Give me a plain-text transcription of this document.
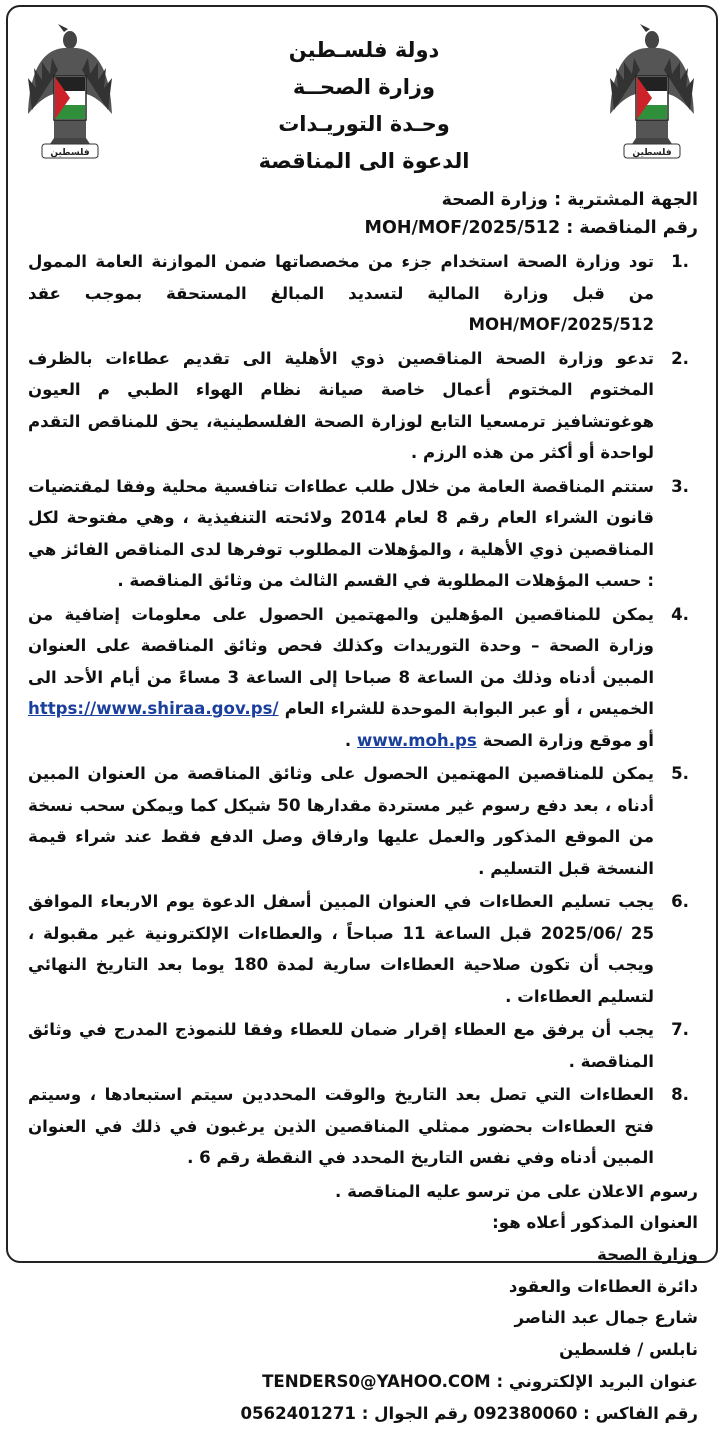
فلسطين
فلسطين
دولة فلسـطين
وزارة الصحــة
وحـدة التوريـدات
الدعوة الى المناقصة
الجهة المشترية : وزارة الصحة
رقم المناقصة : MOH/MOF/2025/512
1.
تود وزارة الصحة استخدام جزء من مخصصاتها ضمن الموازنة العامة الممول من قبل وزارة المالية لتسديد المبالغ المستحقة بموجب عقد MOH/MOF/2025/512
2.
تدعو وزارة الصحة المناقصين ذوي الأهلية الى تقديم عطاءات بالظرف المختوم المختوم أعمال خاصة صيانة نظام الهواء الطبي م العيون هوغوتشافيز ترمسعيا التابع لوزارة الصحة الفلسطينية، يحق للمناقص التقدم لواحدة أو أكثر من هذه الرزم .
3.
ستتم المناقصة العامة من خلال طلب عطاءات تنافسية محلية وفقا لمقتضيات قانون الشراء العام رقم 8 لعام 2014 ولائحته التنفيذية ، وهي مفتوحة لكل المناقصين ذوي الأهلية ، والمؤهلات المطلوب توفرها لدى المناقص الفائز هي : حسب المؤهلات المطلوبة في القسم الثالث من وثائق المناقصة .
4.
يمكن للمناقصين المؤهلين والمهتمين الحصول على معلومات إضافية من وزارة الصحة – وحدة التوريدات وكذلك فحص وثائق المناقصة على العنوان المبين أدناه وذلك من الساعة 8 صباحا إلى الساعة 3 مساءً من أيام الأحد الى الخميس ، أو عبر البوابة الموحدة للشراء العام https://www.shiraa.gov.ps/ أو موقع وزارة الصحة www.moh.ps .
5.
يمكن للمناقصين المهتمين الحصول على وثائق المناقصة من العنوان المبين أدناه ، بعد دفع رسوم غير مستردة مقدارها 50 شيكل كما ويمكن سحب نسخة من الموقع المذكور والعمل عليها وارفاق وصل الدفع فقط عند شراء قيمة النسخة قبل التسليم .
6.
يجب تسليم العطاءات في العنوان المبين أسفل الدعوة يوم الاربعاء الموافق 25 /2025/06 قبل الساعة 11 صباحاً ، والعطاءات الإلكترونية غير مقبولة ، ويجب أن تكون صلاحية العطاءات سارية لمدة 180 يوما بعد التاريخ النهائي لتسليم العطاءات .
7.
يجب أن يرفق مع العطاء إقرار ضمان للعطاء وفقا للنموذج المدرج في وثائق المناقصة .
8.
العطاءات التي تصل بعد التاريخ والوقت المحددين سيتم استبعادها ، وسيتم فتح العطاءات بحضور ممثلي المناقصين الذين يرغبون في ذلك في العنوان المبين أدناه وفي نفس التاريخ المحدد في النقطة رقم 6 .
رسوم الاعلان على من ترسو عليه المناقصة .
العنوان المذكور أعلاه هو:
وزارة الصحة
دائرة العطاءات والعقود
شارع جمال عبد الناصر
نابلس / فلسطين
عنوان البريد الإلكتروني : TENDERS0@YAHOO.COM
رقم الفاكس : 092380060 رقم الجوال : 0562401271
